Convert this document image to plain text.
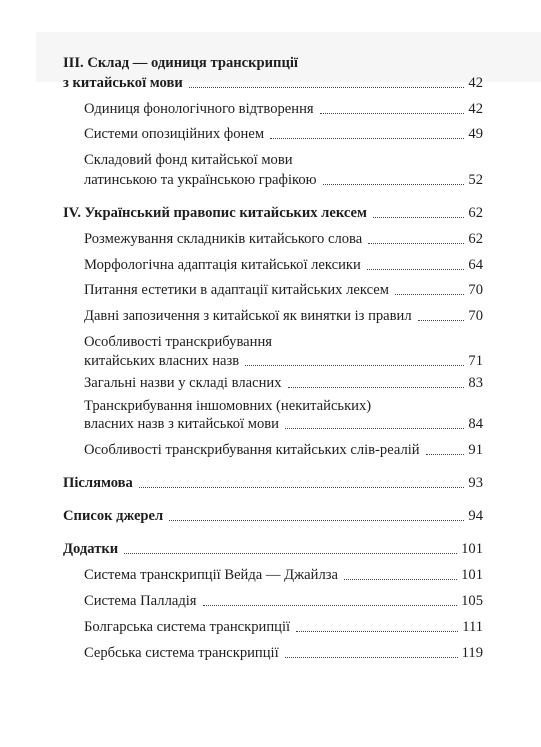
III. Склад — одиниця транскрипції
з китайської мови	42
Одиниця фонологічного відтворення	42
Системи опозиційних фонем	49
Складовий фонд китайської мови
латинською та українською графікою	52
IV. Український правопис китайських лексем	62
Розмежування складників китайського слова	62
Морфологічна адаптація китайської лексики	64
Питання естетики в адаптації китайських лексем	70
Давні запозичення з китайської як винятки із правил	70
Особливості транскрибування
китайських власних назв	71
Загальні назви у складі власних	83
Транскрибування іншомовних (некитайських)
власних назв з китайської мови	84
Особливості транскрибування китайських слів-реалій	91
Післямова	93
Список джерел	94
Додатки	101
Система транскрипції Вейда — Джайлза	101
Система Палладія	105
Болгарська система транскрипції	111
Сербська система транскрипції	119
